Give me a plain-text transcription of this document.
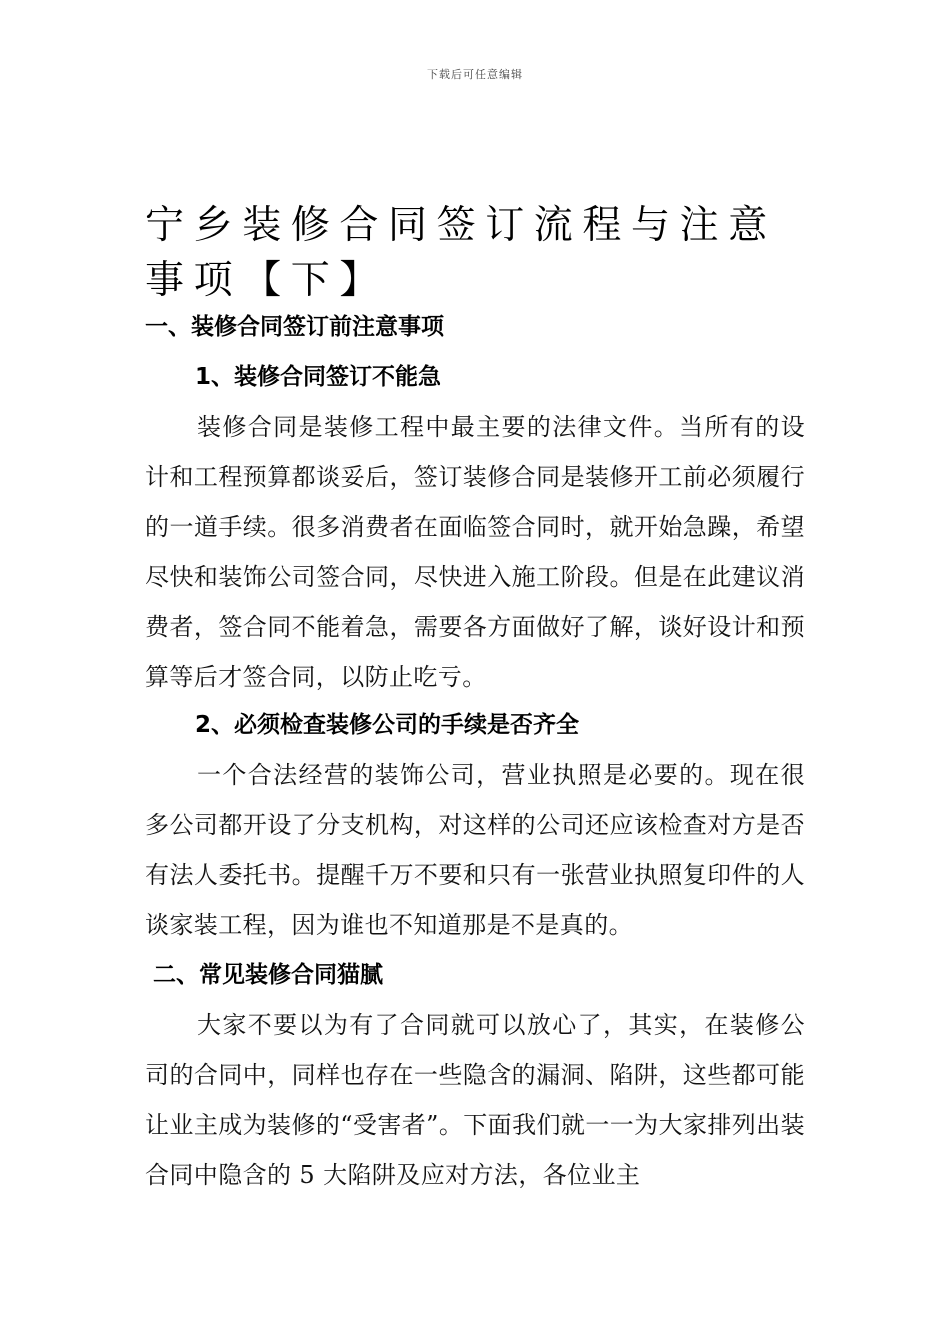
下载后可任意编辑
宁乡装修合同签订流程与注意事项【下】
一、装修合同签订前注意事项
1、装修合同签订不能急

装修合同是装修工程中最主要的法律文件。当所有的设计和工程预算都谈妥后，签订装修合同是装修开工前必须履行的一道手续。很多消费者在面临签合同时，就开始急躁，希望尽快和装饰公司签合同，尽快进入施工阶段。但是在此建议消费者，签合同不能着急，需要各方面做好了解，谈好设计和预算等后才签合同，以防止吃亏。

2、必须检查装修公司的手续是否齐全

一个合法经营的装饰公司，营业执照是必要的。现在很多公司都开设了分支机构，对这样的公司还应该检查对方是否有法人委托书。提醒千万不要和只有一张营业执照复印件的人谈家装工程，因为谁也不知道那是不是真的。

二、常见装修合同猫腻

大家不要以为有了合同就可以放心了，其实，在装修公司的合同中，同样也存在一些隐含的漏洞、陷阱，这些都可能让业主成为装修的“受害者”。下面我们就一一为大家排列出装合同中隐含的 5 大陷阱及应对方法，各位业主
